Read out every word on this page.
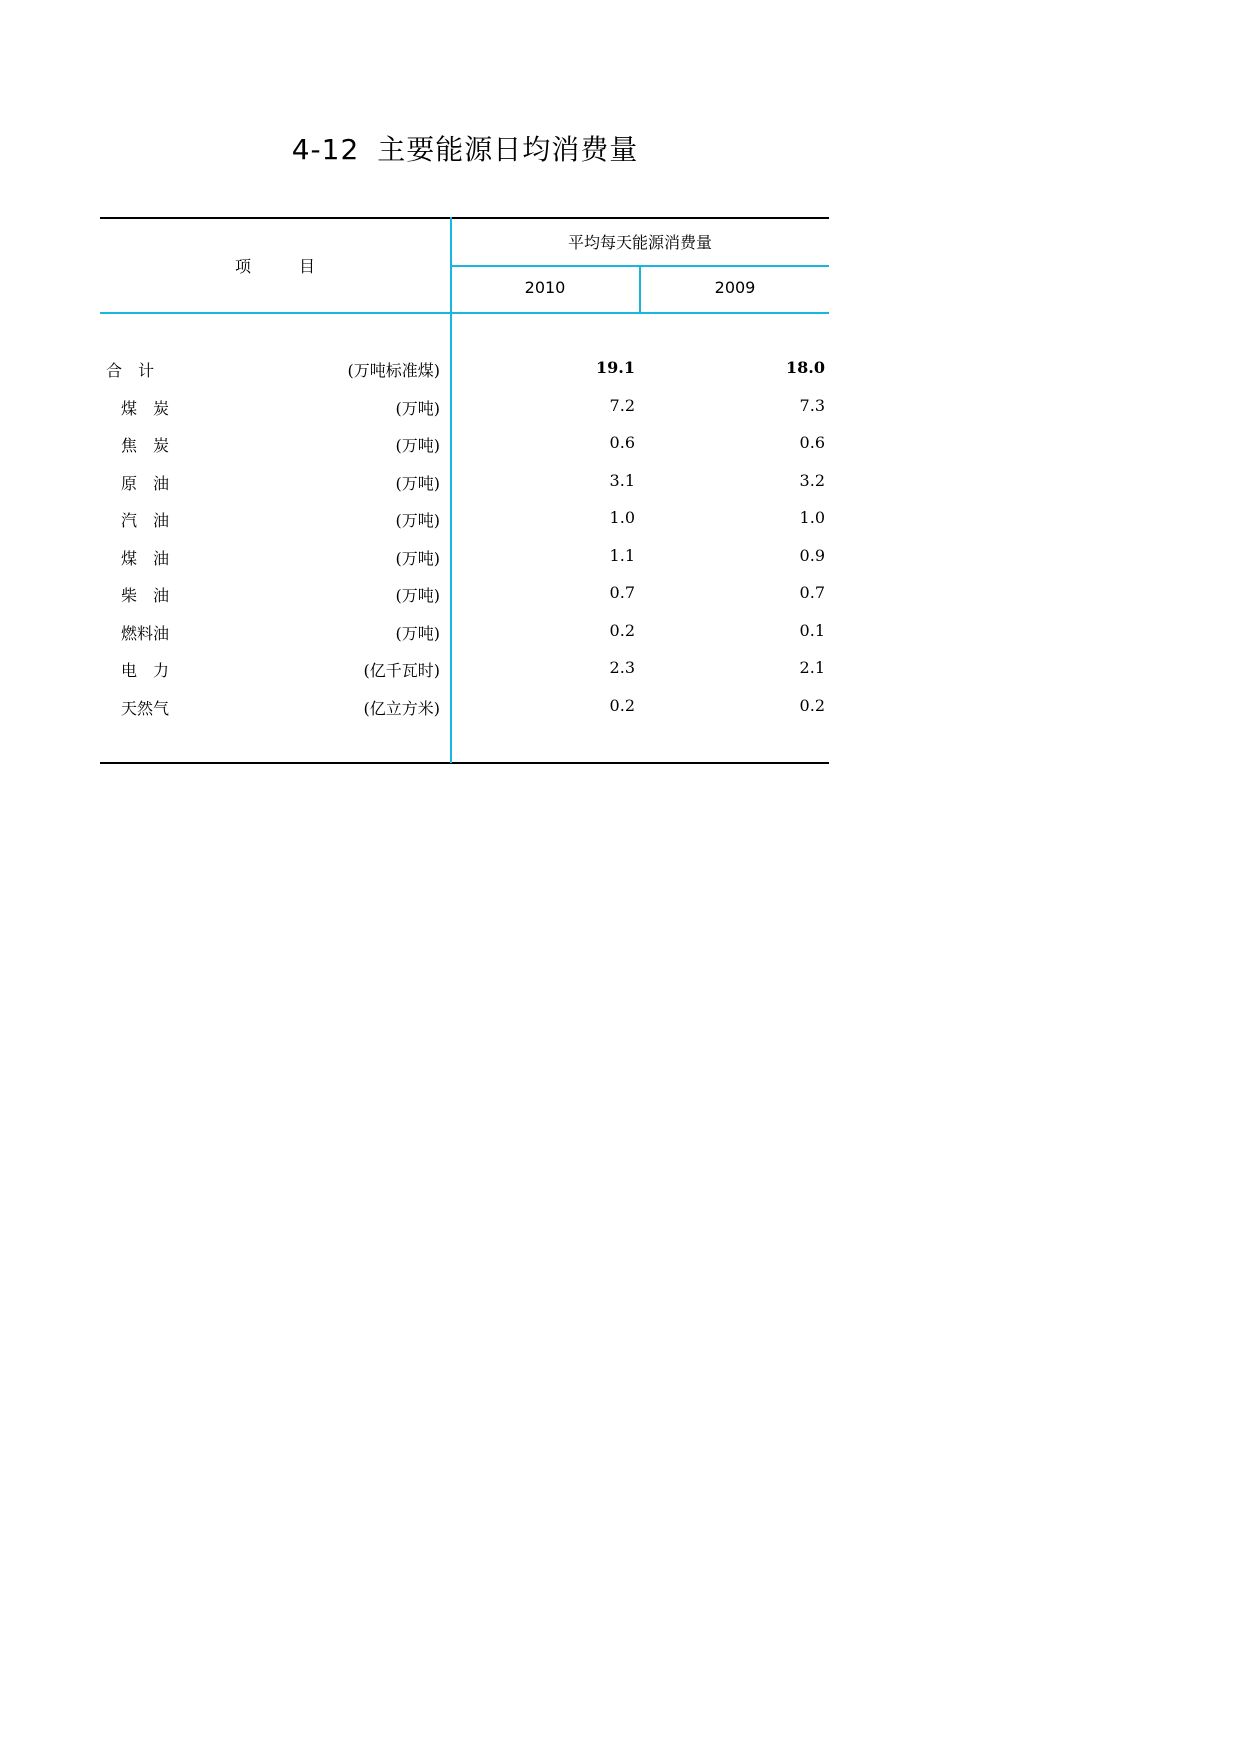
4-12 主要能源日均消费量
项　　　目
平均每天能源消费量
2010	2009
合　计	(万吨标准煤)	19.1	18.0
煤　炭	(万吨)	7.2	7.3
焦　炭	(万吨)	0.6	0.6
原　油	(万吨)	3.1	3.2
汽　油	(万吨)	1.0	1.0
煤　油	(万吨)	1.1	0.9
柴　油	(万吨)	0.7	0.7
燃料油	(万吨)	0.2	0.1
电　力	(亿千瓦时)	2.3	2.1
天然气	(亿立方米)	0.2	0.2
